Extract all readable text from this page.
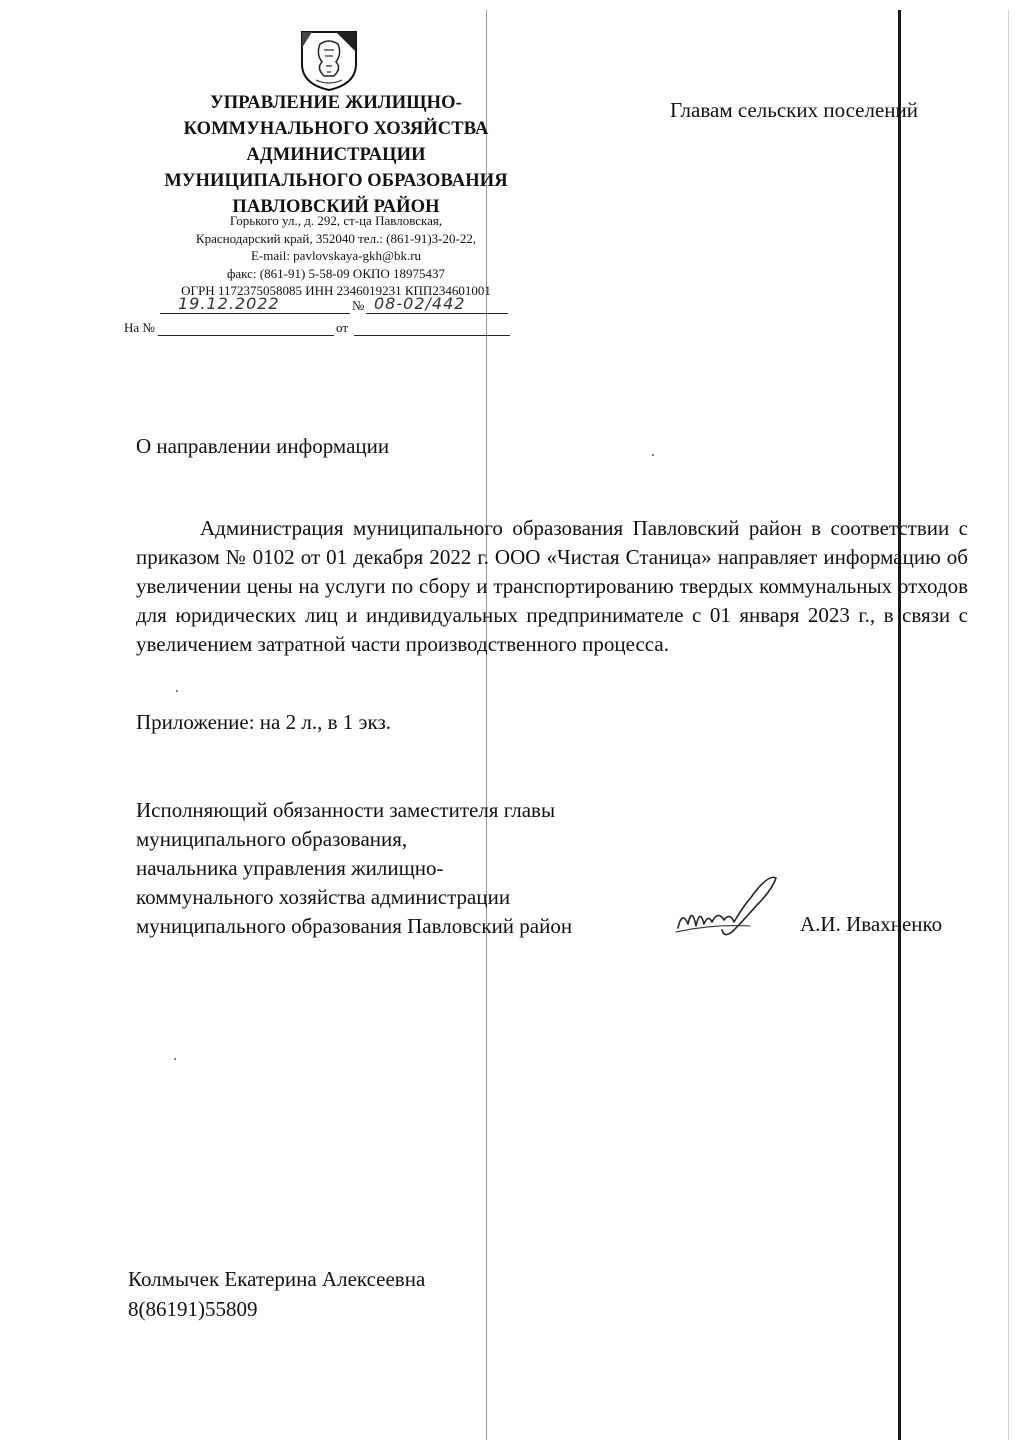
УПРАВЛЕНИЕ ЖИЛИЩНО-
КОММУНАЛЬНОГО ХОЗЯЙСТВА
АДМИНИСТРАЦИИ
МУНИЦИПАЛЬНОГО ОБРАЗОВАНИЯ
ПАВЛОВСКИЙ РАЙОН
Горького ул., д. 292, ст-ца Павловская,
Краснодарский край, 352040 тел.: (861-91)3-20-22,
E-mail: pavlovskaya-gkh@bk.ru
факс: (861-91) 5-58-09 ОКПО 18975437
ОГРН 1172375058085 ИНН 2346019231 КПП234601001
19.12.2022	№ 08-02/442
На №	от
Главам сельских поселений
О направлении информации
Администрация муниципального образования Павловский район в соответствии с приказом № 0102 от 01 декабря 2022 г. ООО «Чистая Станица» направляет информацию об увеличении цены на услуги по сбору и транспортированию твердых коммунальных отходов для юридических лиц и индивидуальных предпринимателе с 01 января 2023 г., в связи с увеличением затратной части производственного процесса.
Приложение: на 2 л., в 1 экз.
Исполняющий обязанности заместителя главы
муниципального образования,
начальника управления жилищно-
коммунального хозяйства администрации
муниципального образования Павловский район	А.И. Ивахненко
Колмычек Екатерина Алексеевна
8(86191)55809
